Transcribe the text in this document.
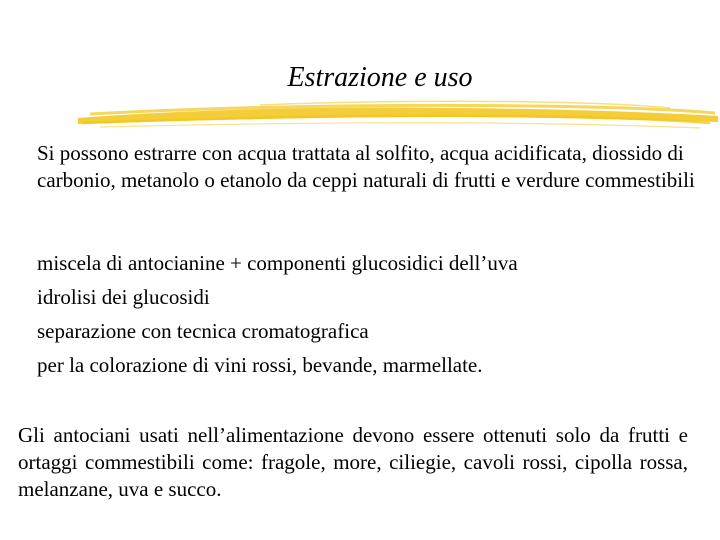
Estrazione e uso
Si possono estrarre con acqua trattata al solfito, acqua acidificata, diossido di carbonio, metanolo o etanolo da ceppi naturali di frutti e verdure commestibili
miscela di antocianine + componenti glucosidici dell’uva
idrolisi dei glucosidi
separazione con tecnica cromatografica
per la colorazione di vini rossi, bevande, marmellate.
Gli antociani usati nell’alimentazione devono essere ottenuti solo da frutti e ortaggi commestibili come: fragole, more, ciliegie, cavoli rossi, cipolla rossa, melanzane, uva e succo.
